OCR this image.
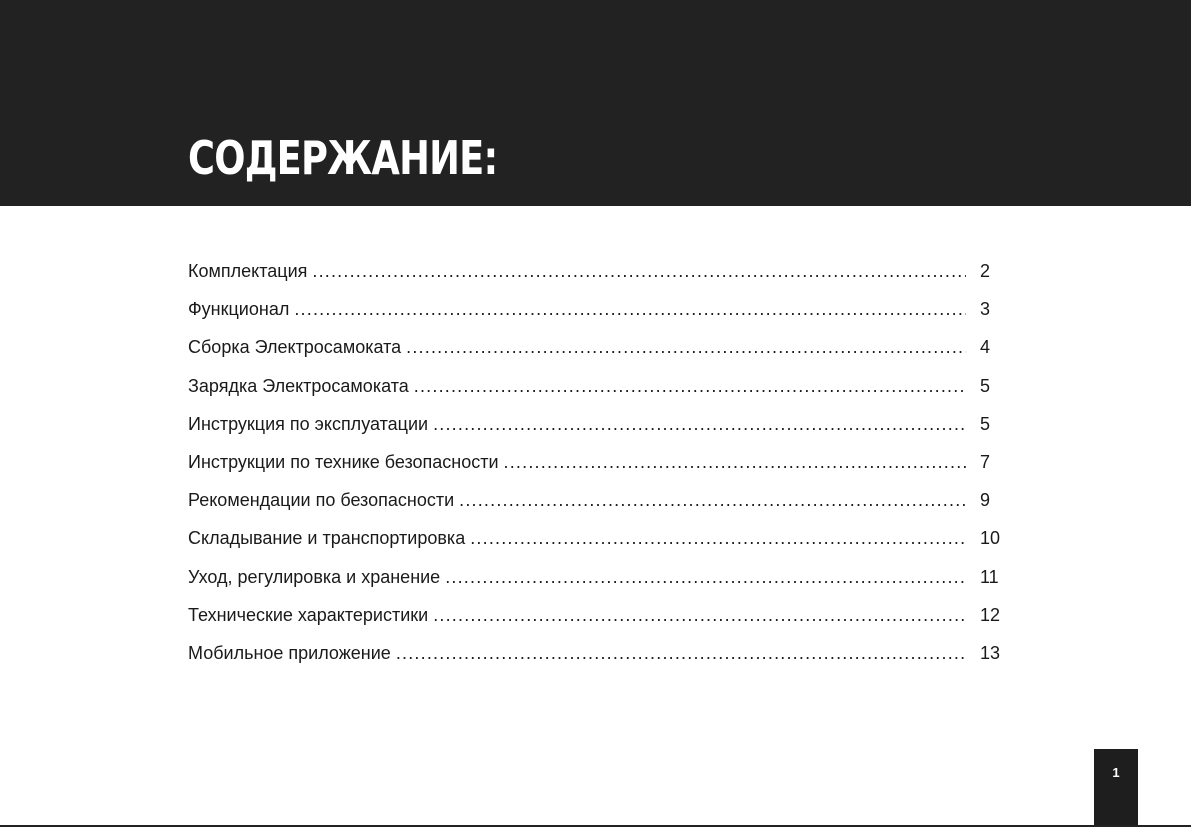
СОДЕРЖАНИЕ:
Комплектация .....	2
Функционал .....	3
Сборка Электросамоката .....	4
Зарядка Электросамоката .....	5
Инструкция по эксплуатации .....	5
Инструкции по технике безопасности .....	7
Рекомендации по безопасности .....	9
Складывание и транспортировка .....	10
Уход, регулировка и хранение .....	11
Технические характеристики .....	12
Мобильное приложение .....	13
1
